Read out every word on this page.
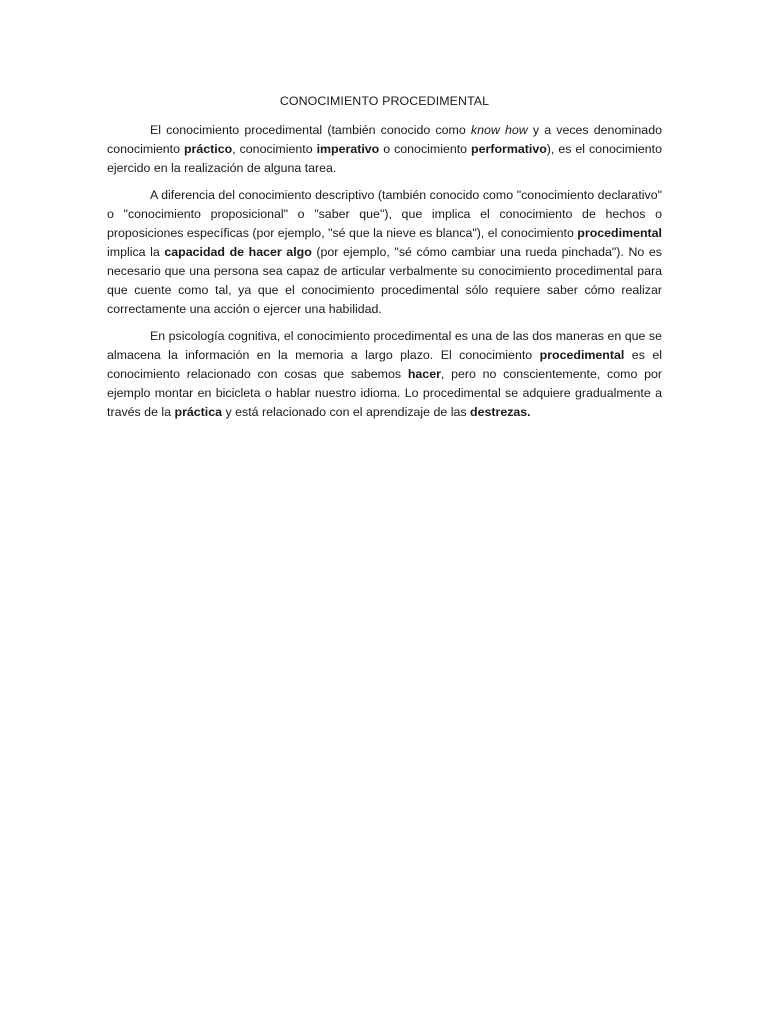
CONOCIMIENTO PROCEDIMENTAL

El conocimiento procedimental (también conocido como know how y a veces denominado conocimiento práctico, conocimiento imperativo o conocimiento performativo), es el conocimiento ejercido en la realización de alguna tarea.

A diferencia del conocimiento descriptivo (también conocido como "conocimiento declarativo" o "conocimiento proposicional" o "saber que"), que implica el conocimiento de hechos o proposiciones específicas (por ejemplo, "sé que la nieve es blanca"), el conocimiento procedimental implica la capacidad de hacer algo (por ejemplo, "sé cómo cambiar una rueda pinchada"). No es necesario que una persona sea capaz de articular verbalmente su conocimiento procedimental para que cuente como tal, ya que el conocimiento procedimental sólo requiere saber cómo realizar correctamente una acción o ejercer una habilidad.

En psicología cognitiva, el conocimiento procedimental es una de las dos maneras en que se almacena la información en la memoria a largo plazo. El conocimiento procedimental es el conocimiento relacionado con cosas que sabemos hacer, pero no conscientemente, como por ejemplo montar en bicicleta o hablar nuestro idioma. Lo procedimental se adquiere gradualmente a través de la práctica y está relacionado con el aprendizaje de las destrezas.
